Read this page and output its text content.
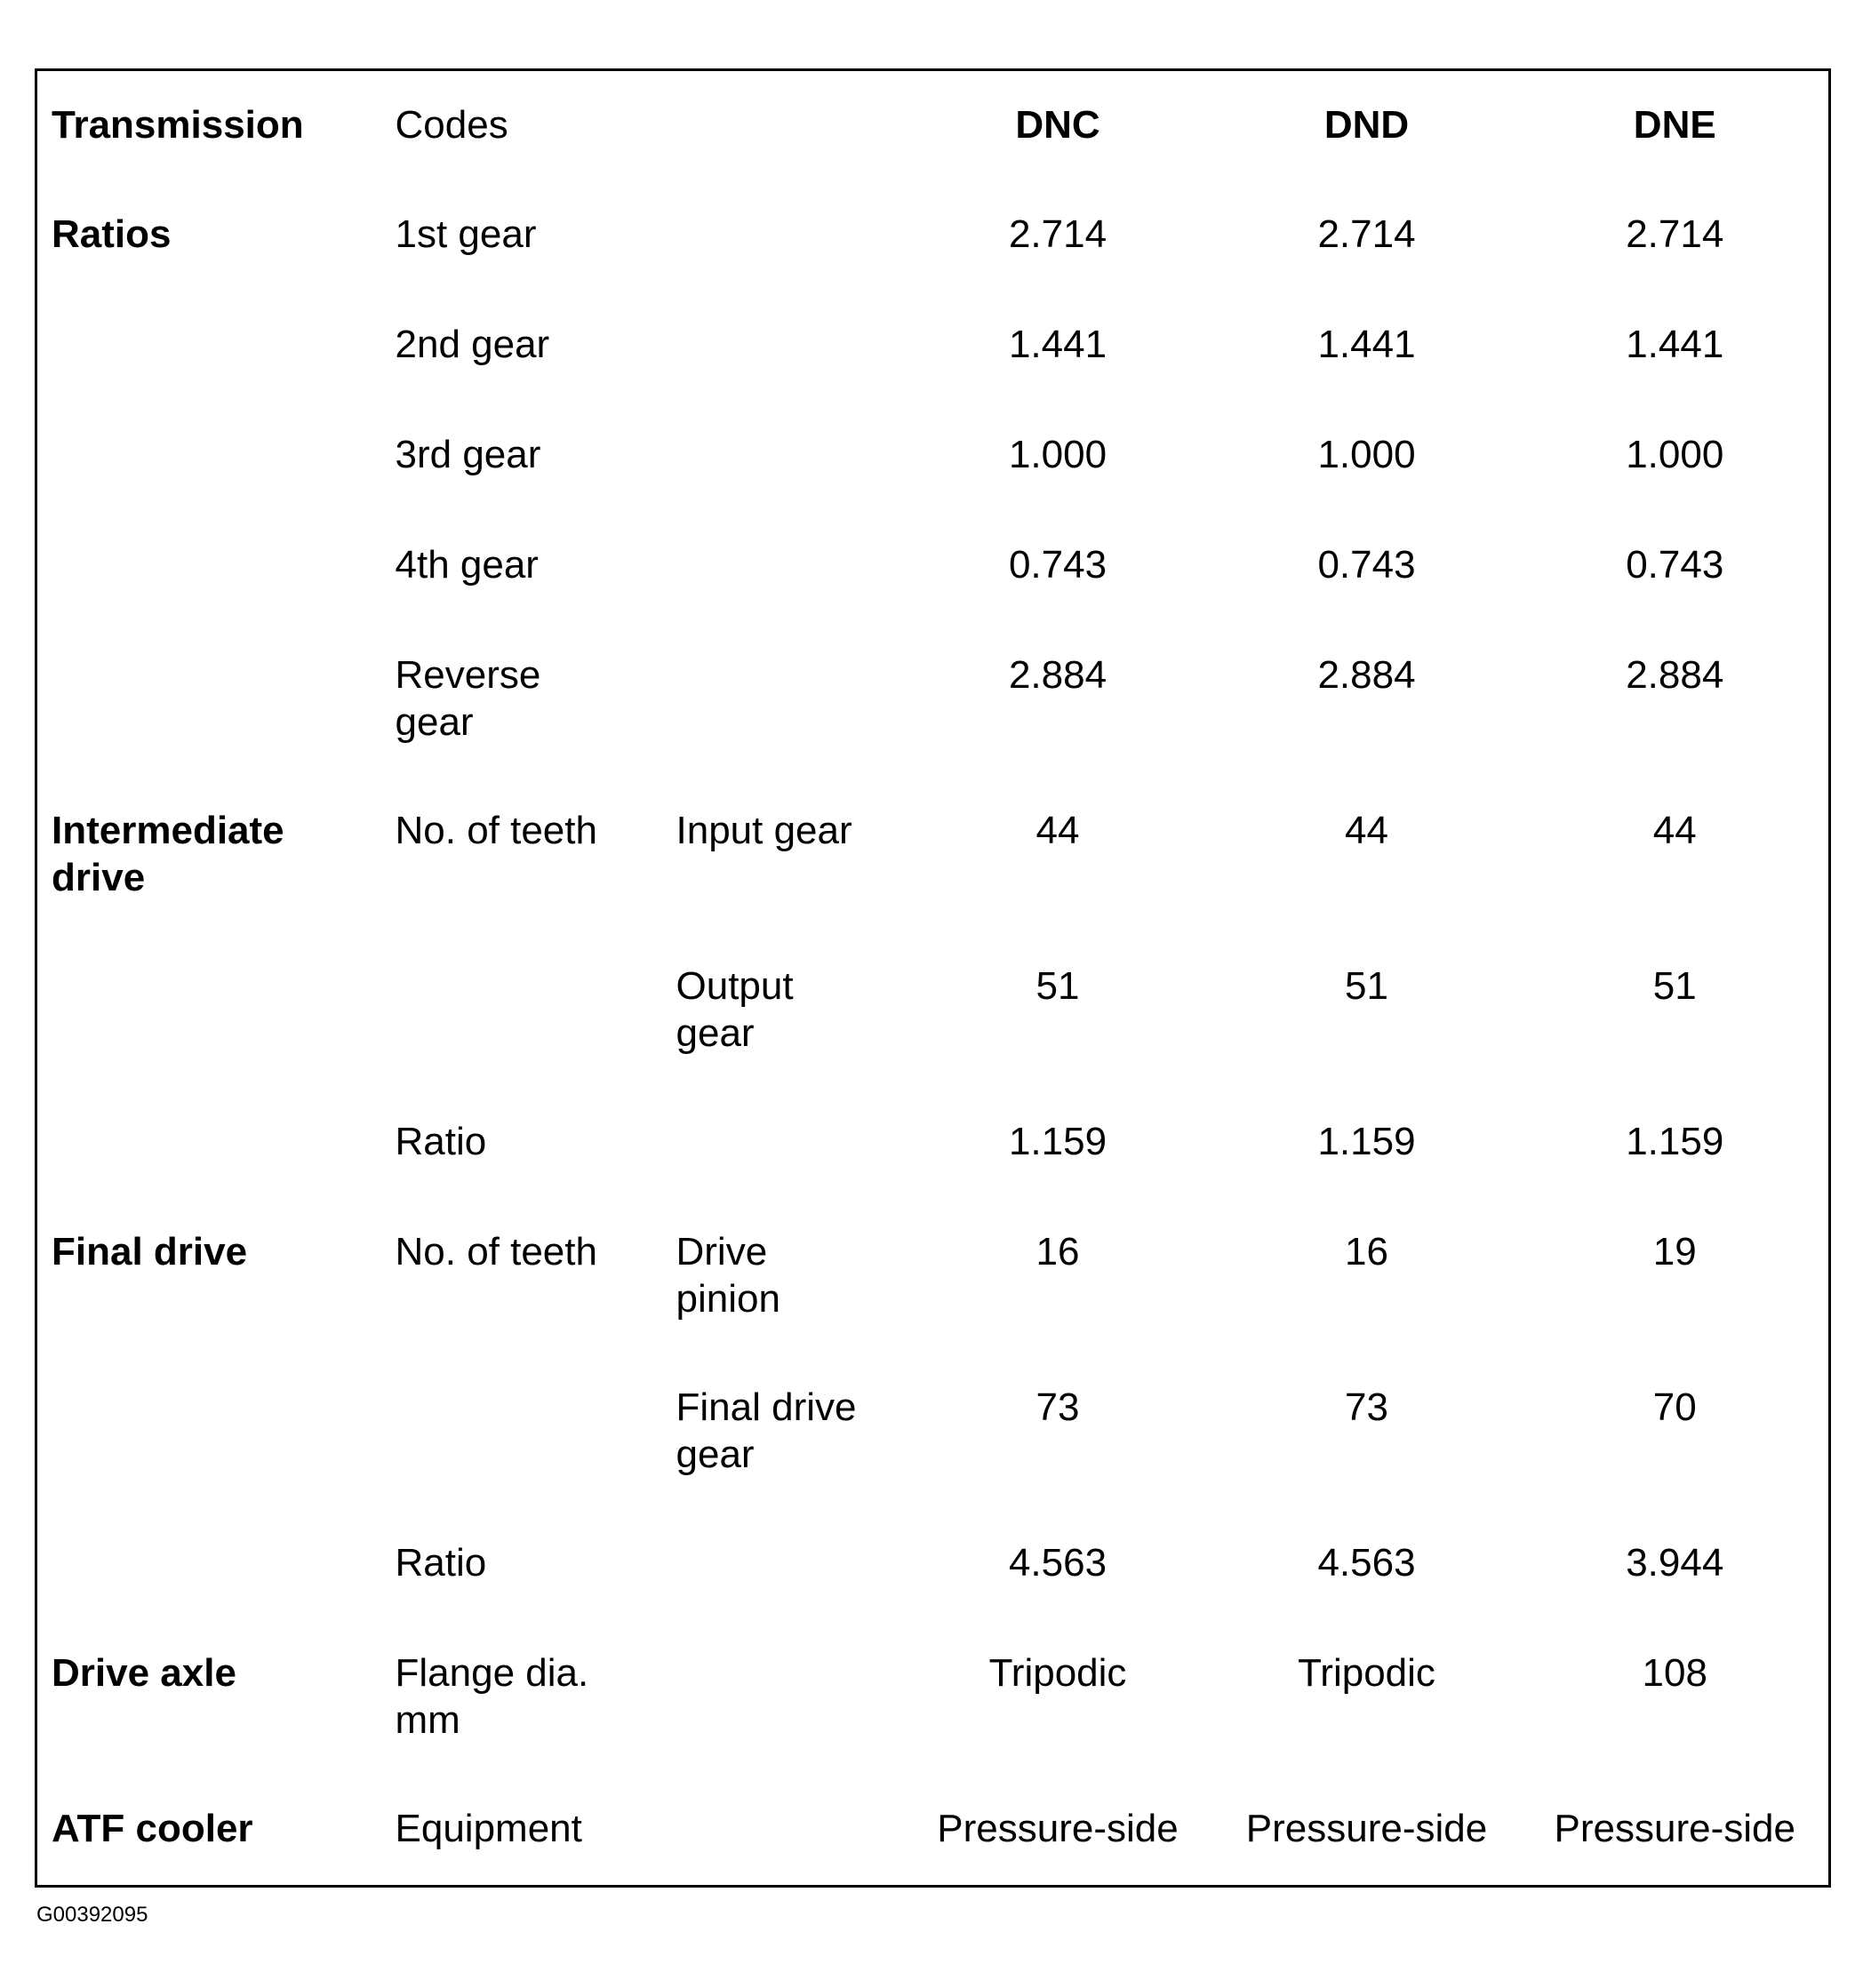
Transmission	Codes		DNC	DND	DNE
Ratios	1st gear		2.714	2.714	2.714
	2nd gear		1.441	1.441	1.441
	3rd gear		1.000	1.000	1.000
	4th gear		0.743	0.743	0.743

	Reverse gear		2.884	2.884	2.884
Intermediate drive	No. of teeth	Input gear	44	44	44

		Output gear	51	51	51
	Ratio		1.159	1.159	1.159
Final drive	No. of teeth	Drive pinion	16	16	19

		Final drive gear	73	73	70
	Ratio		4.563	4.563	3.944
Drive axle	Flange dia. mm		Tripodic	Tripodic	108
ATF cooler	Equipment		Pressure-side	Pressure-side	Pressure-side
G00392095
